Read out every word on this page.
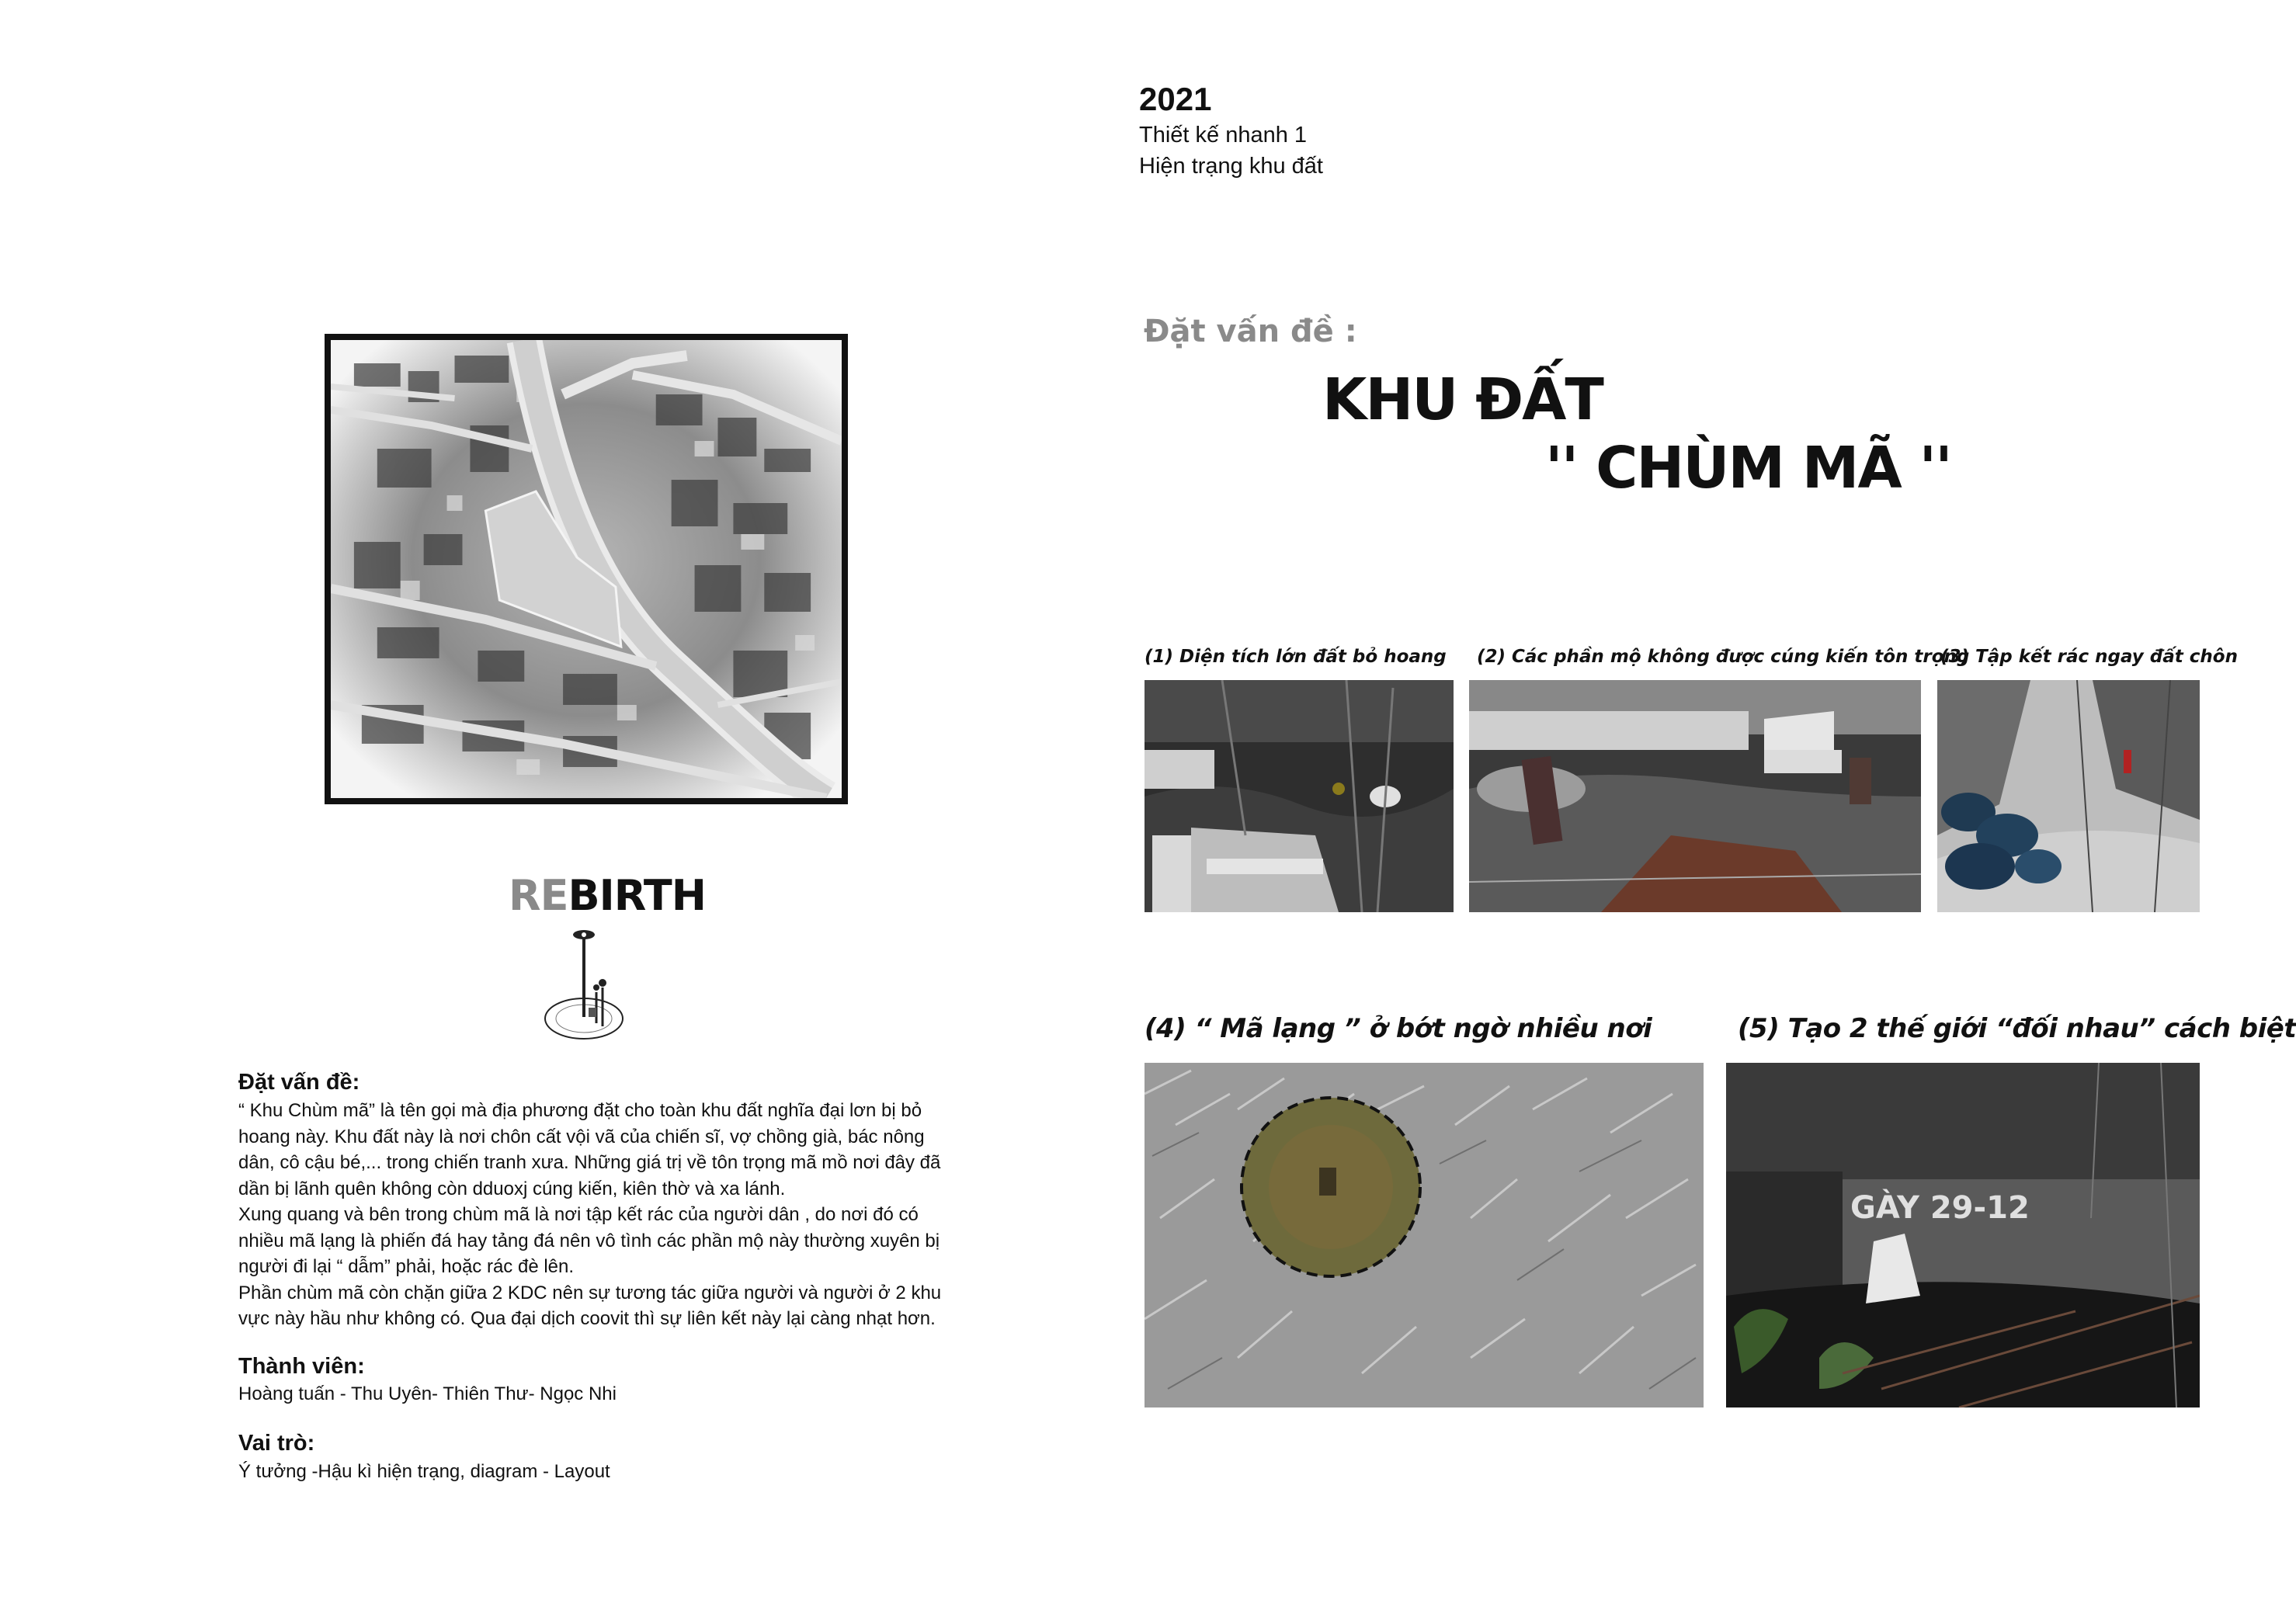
REBIRTH
Đặt vấn đề:
“ Khu Chùm mã” là tên gọi mà địa phương đặt cho toàn khu đất nghĩa đại lơn bị bỏ
hoang này. Khu đất này là nơi chôn cất vội vã của chiến sĩ, vợ chồng già, bác nông
dân, cô cậu bé,... trong chiến tranh xưa. Những giá trị về tôn trọng mã mồ nơi đây đã
dần bị lãnh quên không còn dduoxj cúng kiến, kiên thờ và xa lánh.
Xung quang và bên trong chùm mã là nơi tập kết rác của người dân , do nơi đó có
nhiều mã lạng là phiến đá hay tảng đá nên vô tình các phần mộ này thường xuyên bị
người đi lại “ dẫm” phải, hoặc rác đè lên.
Phần chùm mã còn chặn giữa 2 KDC nên sự tương tác giữa người và người ở 2 khu
vực này hầu như không có. Qua đại dịch coovit thì sự liên kết này lại càng nhạt hơn.
Thành viên:
Hoàng tuấn - Thu Uyên- Thiên Thư- Ngọc Nhi
Vai trò:
Ý tưởng -Hậu kì hiện trạng, diagram - Layout
2021
Thiết kế nhanh 1
Hiện trạng khu đất
Đặt vấn đề :
KHU ĐẤT
'' CHÙM MÃ ''
(1) Diện tích lớn đất bỏ hoang (2) Các phần mộ không được cúng kiến tôn trọng
(3) Tập kết rác ngay đất chôn
(4) “ Mã lạng ” ở bớt ngờ nhiều nơi	(5) Tạo 2 thế giới “đối nhau” cách biệt
GÀY 29-12
